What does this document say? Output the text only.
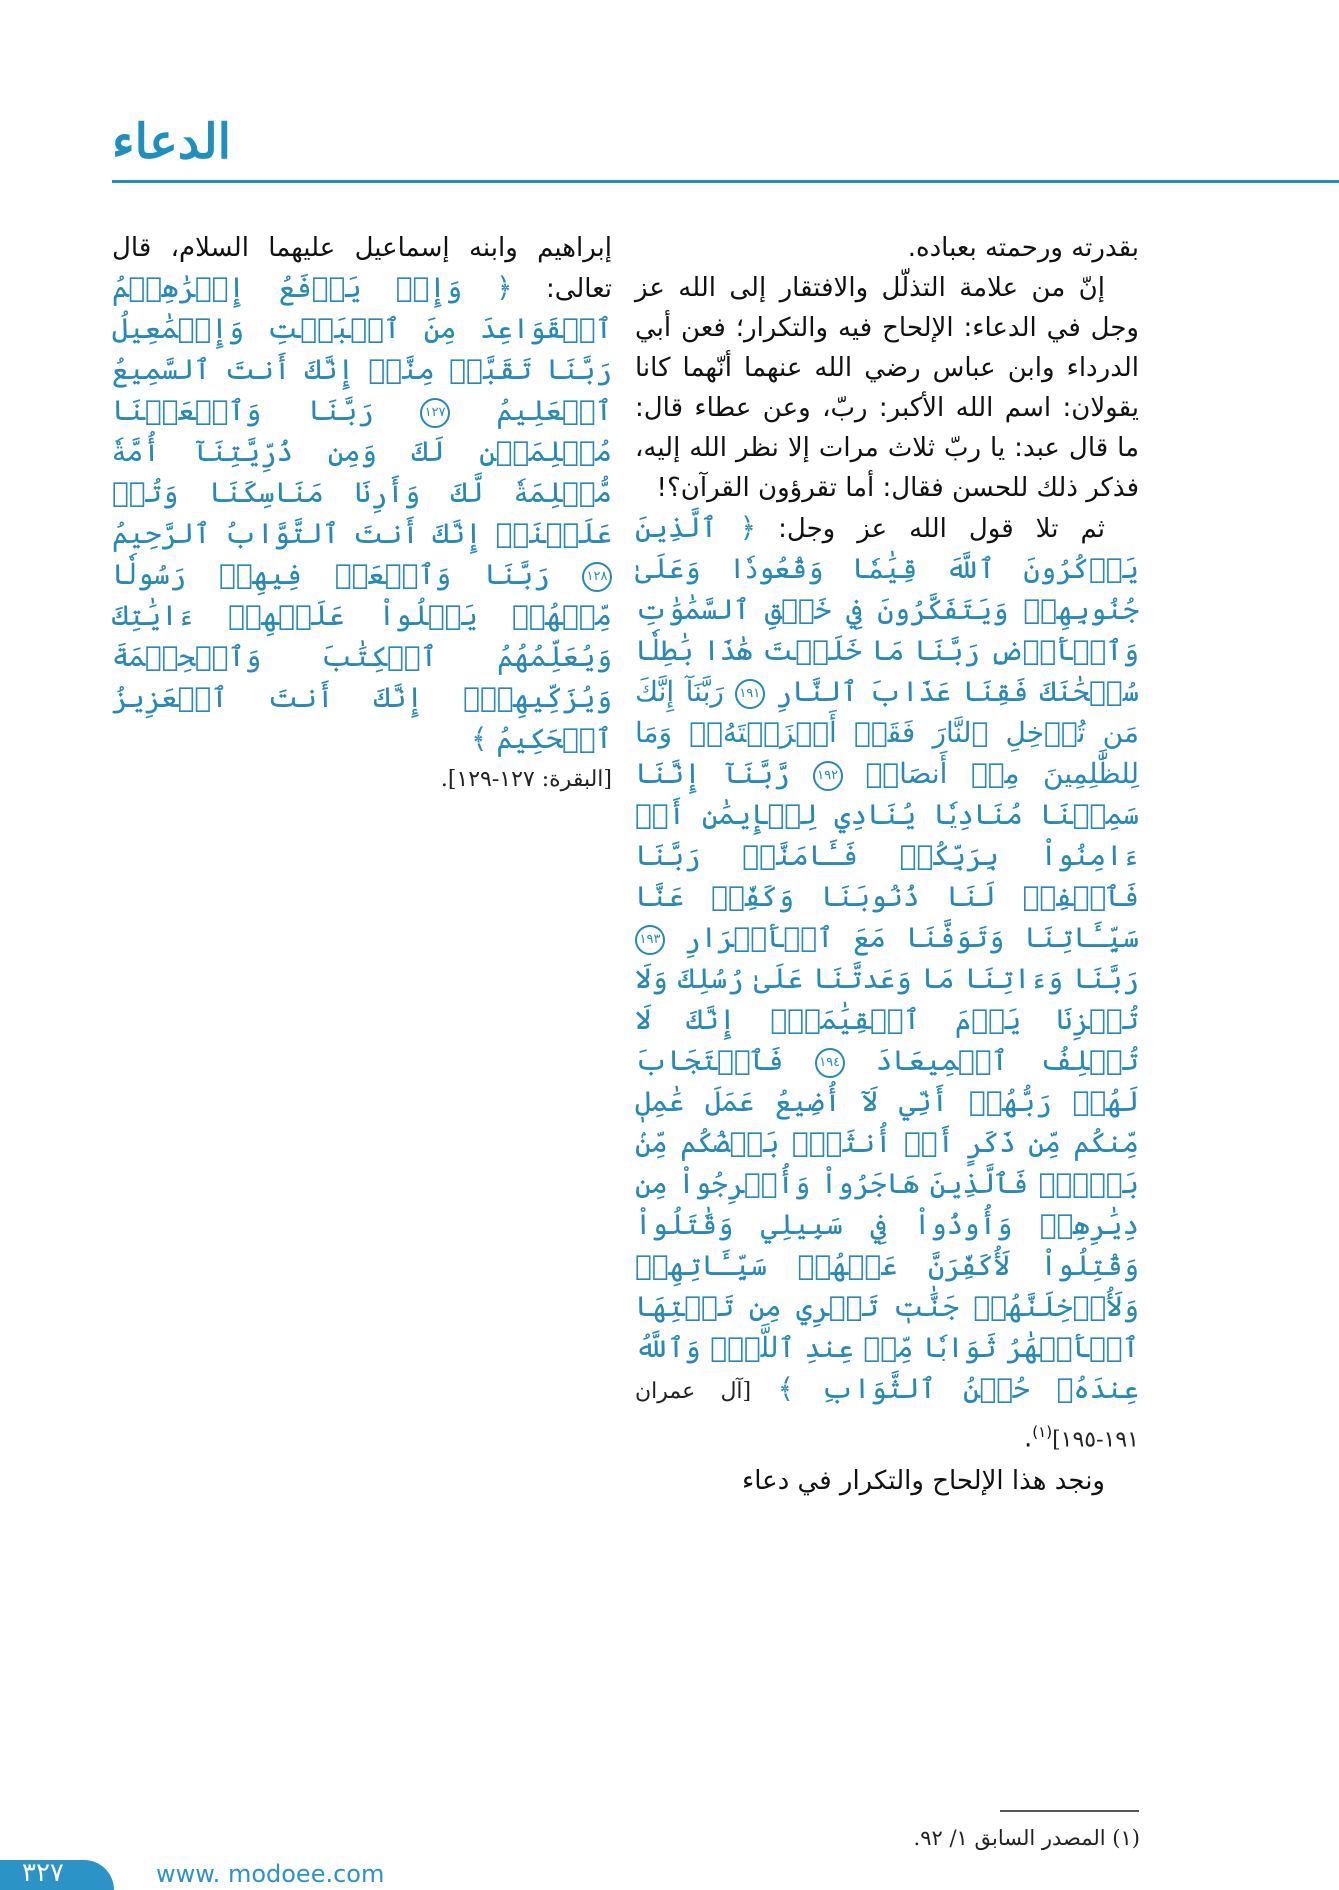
الدعاء

بقدرته ورحمته بعباده.

إنّ من علامة التذلّل والافتقار إلى الله عز وجل في الدعاء: الإلحاح فيه والتكرار؛ فعن أبي الدرداء وابن عباس رضي الله عنهما أنّهما كانا يقولان: اسم الله الأكبر: ربّ، وعن عطاء قال: ما قال عبد: يا ربّ ثلاث مرات إلا نظر الله إليه، فذكر ذلك للحسن فقال: أما تقرؤون القرآن؟!

ثم تلا قول الله عز وجل: ﴿ ٱلَّذِينَ يَذۡكُرُونَ ٱللَّهَ قِيَٰمٗا وَقُعُودٗا وَعَلَىٰ جُنُوبِهِمۡ وَيَتَفَكَّرُونَ فِي خَلۡقِ ٱلسَّمَٰوَٰتِ وَٱلۡأَرۡضِ رَبَّنَا مَا خَلَقۡتَ هَٰذَا بَٰطِلٗا سُبۡحَٰنَكَ فَقِنَا عَذَابَ ٱلنَّارِ ١٩١ رَبَّنَآ إِنَّكَ مَن تُدۡخِلِ ٱلنَّارَ فَقَدۡ أَخۡزَيۡتَهُۥۖ وَمَا لِلظَّٰلِمِينَ مِنۡ أَنصَارٖ ١٩٢ رَّبَّنَآ إِنَّنَا سَمِعۡنَا مُنَادِيٗا يُنَادِي لِلۡإِيمَٰنِ أَنۡ ءَامِنُواْ بِرَبِّكُمۡ فَـَٔامَنَّاۚ رَبَّنَا فَٱغۡفِرۡ لَنَا ذُنُوبَنَا وَكَفِّرۡ عَنَّا سَيِّـَٔاتِنَا وَتَوَفَّنَا مَعَ ٱلۡأَبۡرَارِ ١٩٣ رَبَّنَا وَءَاتِنَا مَا وَعَدتَّنَا عَلَىٰ رُسُلِكَ وَلَا تُخۡزِنَا يَوۡمَ ٱلۡقِيَٰمَةِۖ إِنَّكَ لَا تُخۡلِفُ ٱلۡمِيعَادَ ١٩٤ فَٱسۡتَجَابَ لَهُمۡ رَبُّهُمۡ أَنِّي لَآ أُضِيعُ عَمَلَ عَٰمِلٖ مِّنكُم مِّن ذَكَرٍ أَوۡ أُنثَىٰۖ بَعۡضُكُم مِّنۢ بَعۡضٖۖ فَٱلَّذِينَ هَاجَرُواْ وَأُخۡرِجُواْ مِن دِيَٰرِهِمۡ وَأُوذُواْ فِي سَبِيلِي وَقَٰتَلُواْ وَقُتِلُواْ لَأُكَفِّرَنَّ عَنۡهُمۡ سَيِّـَٔاتِهِمۡ وَلَأُدۡخِلَنَّهُمۡ جَنَّٰتٖ تَجۡرِي مِن تَحۡتِهَا ٱلۡأَنۡهَٰرُ ثَوَابٗا مِّنۡ عِندِ ٱللَّهِۚ وَٱللَّهُ عِندَهُۥ حُسۡنُ ٱلثَّوَابِ ﴾ [آل عمران ١٩١-١٩٥]$^{(١)}$.

ونجد هذا الإلحاح والتكرار في دعاء

إبراهيم وابنه إسماعيل عليهما السلام، قال تعالى: ﴿ وَإِذۡ يَرۡفَعُ إِبۡرَٰهِـۧمُ ٱلۡقَوَاعِدَ مِنَ ٱلۡبَيۡتِ وَإِسۡمَٰعِيلُ رَبَّنَا تَقَبَّلۡ مِنَّآۖ إِنَّكَ أَنتَ ٱلسَّمِيعُ ٱلۡعَلِيمُ ١٢٧ رَبَّنَا وَٱجۡعَلۡنَا مُسۡلِمَيۡنِ لَكَ وَمِن ذُرِّيَّتِنَآ أُمَّةٗ مُّسۡلِمَةٗ لَّكَ وَأَرِنَا مَنَاسِكَنَا وَتُبۡ عَلَيۡنَآۖ إِنَّكَ أَنتَ ٱلتَّوَّابُ ٱلرَّحِيمُ ١٢٨ رَبَّنَا وَٱبۡعَثۡ فِيهِمۡ رَسُولٗا مِّنۡهُمۡ يَتۡلُواْ عَلَيۡهِمۡ ءَايَٰتِكَ وَيُعَلِّمُهُمُ ٱلۡكِتَٰبَ وَٱلۡحِكۡمَةَ وَيُزَكِّيهِمۡۖ إِنَّكَ أَنتَ ٱلۡعَزِيزُ ٱلۡحَكِيمُ ﴾

[البقرة: ١٢٧-١٢٩].

(١) المصدر السابق ١/ ٩٢.

٣٢٧	www. modoee.com
